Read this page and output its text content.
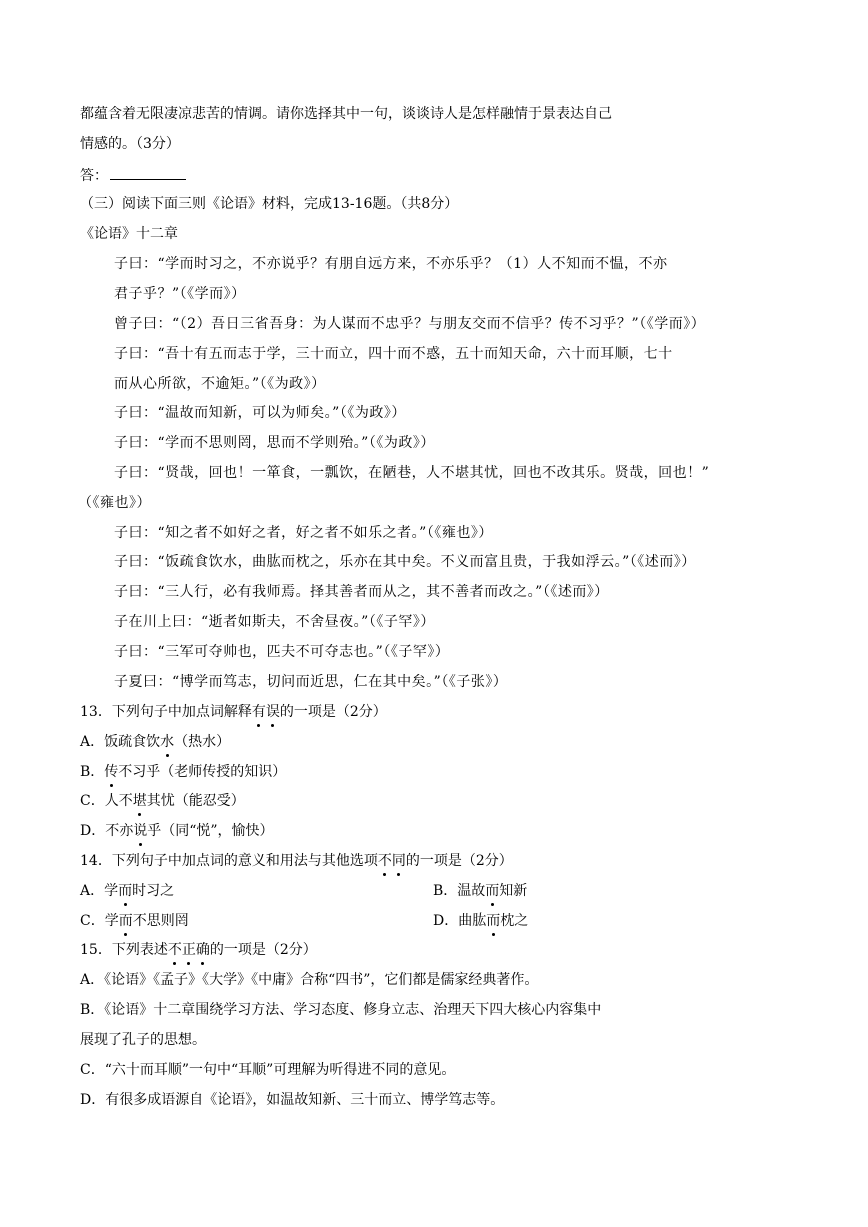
都蕴含着无限凄凉悲苦的情调。请你选择其中一句，谈谈诗人是怎样融情于景表达自己
情感的。（3分）
答：
（三）阅读下面三则《论语》材料，完成13-16题。（共8分）
《论语》十二章
子曰：“学而时习之，不亦说乎？有朋自远方来，不亦乐乎？（1）人不知而不愠，不亦
君子乎？”（《学而》）
曾子曰：“（2）吾日三省吾身：为人谋而不忠乎？与朋友交而不信乎？传不习乎？”（《学而》）
子曰：“吾十有五而志于学，三十而立，四十而不惑，五十而知天命，六十而耳顺，七十
而从心所欲，不逾矩。”（《为政》）
子曰：“温故而知新，可以为师矣。”（《为政》）
子曰：“学而不思则罔，思而不学则殆。”（《为政》）
子曰：“贤哉，回也！一箪食，一瓢饮，在陋巷，人不堪其忧，回也不改其乐。贤哉，回也！”
（《雍也》）
子曰：“知之者不如好之者，好之者不如乐之者。”（《雍也》）
子曰：“饭疏食饮水，曲肱而枕之，乐亦在其中矣。不义而富且贵，于我如浮云。”（《述而》）
子曰：“三人行，必有我师焉。择其善者而从之，其不善者而改之。”（《述而》）
子在川上曰：“逝者如斯夫，不舍昼夜。”（《子罕》）
子曰：“三军可夺帅也，匹夫不可夺志也。”（《子罕》）
子夏曰：“博学而笃志，切问而近思，仁在其中矣。”（《子张》）
13．下列句子中加点词解释有误的一项是（2分）
A．饭疏食饮水（热水）
B．传不习乎（老师传授的知识）
C．人不堪其忧（能忍受）
D．不亦说乎（同“悦”，愉快）
14．下列句子中加点词的意义和用法与其他选项不同的一项是（2分）
A．学而时习之	B．温故而知新
C．学而不思则罔	D．曲肱而枕之
15．下列表述不正确的一项是（2分）
A．《论语》《孟子》《大学》《中庸》合称“四书”，它们都是儒家经典著作。
B．《论语》十二章围绕学习方法、学习态度、修身立志、治理天下四大核心内容集中
展现了孔子的思想。
C．“六十而耳顺”一句中“耳顺”可理解为听得进不同的意见。
D．有很多成语源自《论语》，如温故知新、三十而立、博学笃志等。
